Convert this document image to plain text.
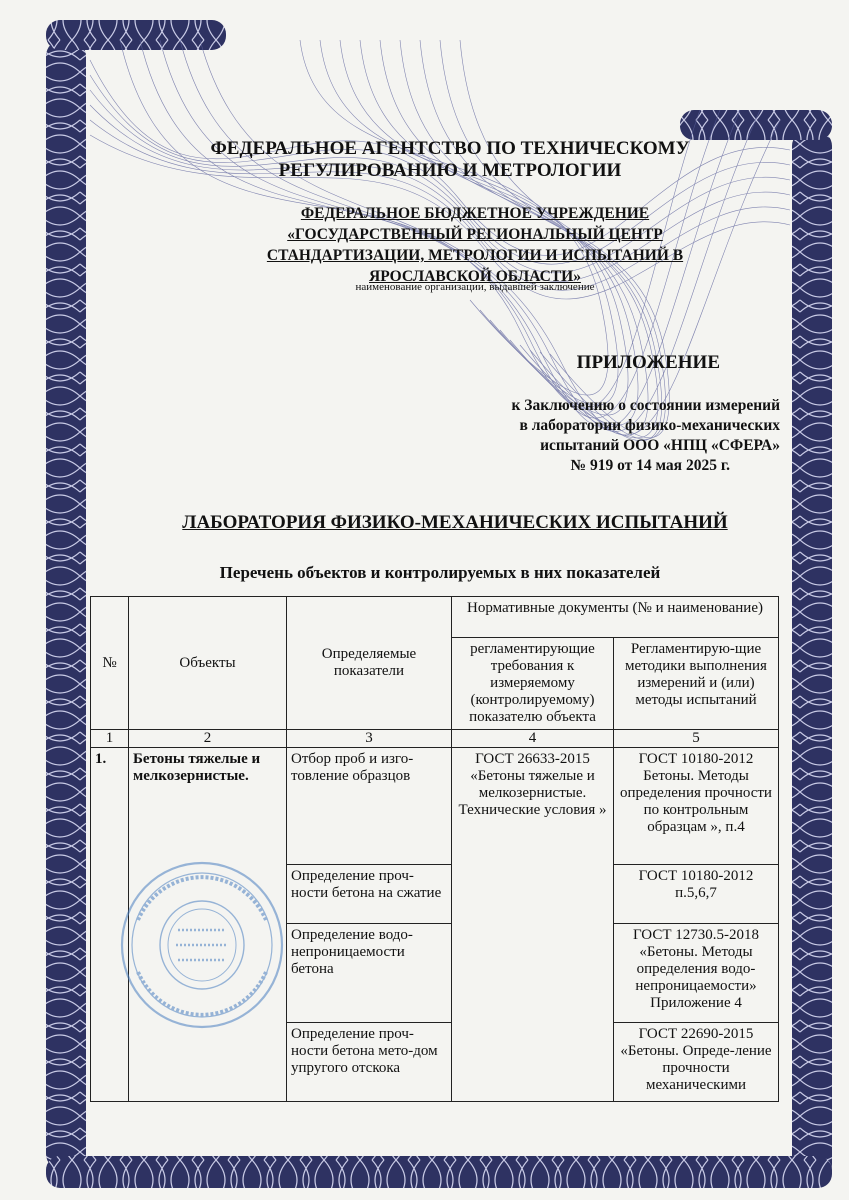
ФЕДЕРАЛЬНОЕ АГЕНТСТВО ПО ТЕХНИЧЕСКОМУ РЕГУЛИРОВАНИЮ И МЕТРОЛОГИИ
ФЕДЕРАЛЬНОЕ БЮДЖЕТНОЕ УЧРЕЖДЕНИЕ «ГОСУДАРСТВЕННЫЙ РЕГИОНАЛЬНЫЙ ЦЕНТР СТАНДАРТИЗАЦИИ, МЕТРОЛОГИИ И ИСПЫТАНИЙ В ЯРОСЛАВСКОЙ ОБЛАСТИ»
наименование организации, выдавшей заключение
ПРИЛОЖЕНИЕ
к Заключению о состоянии измерений
в лаборатории физико-механических
испытаний ООО «НПЦ «СФЕРА»
№ 919 от 14 мая 2025 г.
ЛАБОРАТОРИЯ ФИЗИКО-МЕХАНИЧЕСКИХ ИСПЫТАНИЙ
Перечень объектов и контролируемых в них показателей
№	Объекты	Определяемые показатели	Нормативные документы (№ и наименование)	
			регламентирующие требования к измеряемому (контролируемому) показателю объекта	Регламентирую-щие методики выполнения измерений и (или) методы испытаний
1	2	3	4	5
1.	Бетоны тяжелые и мелкозернистые.	Отбор проб и изго-товление образцов	ГОСТ 26633-2015 «Бетоны тяжелые и мелкозернистые. Технические условия »	ГОСТ 10180-2012 Бетоны. Методы определения прочности по контрольным образцам », п.4
		Определение проч-ности бетона на сжатие		ГОСТ 10180-2012 п.5,6,7
		Определение водо-непроницаемости бетона		ГОСТ 12730.5-2018 «Бетоны. Методы определения водо-непроницаемости» Приложение 4
		Определение проч-ности бетона мето-дом упругого отскока		ГОСТ 22690-2015 «Бетоны. Опреде-ление прочности механическими
